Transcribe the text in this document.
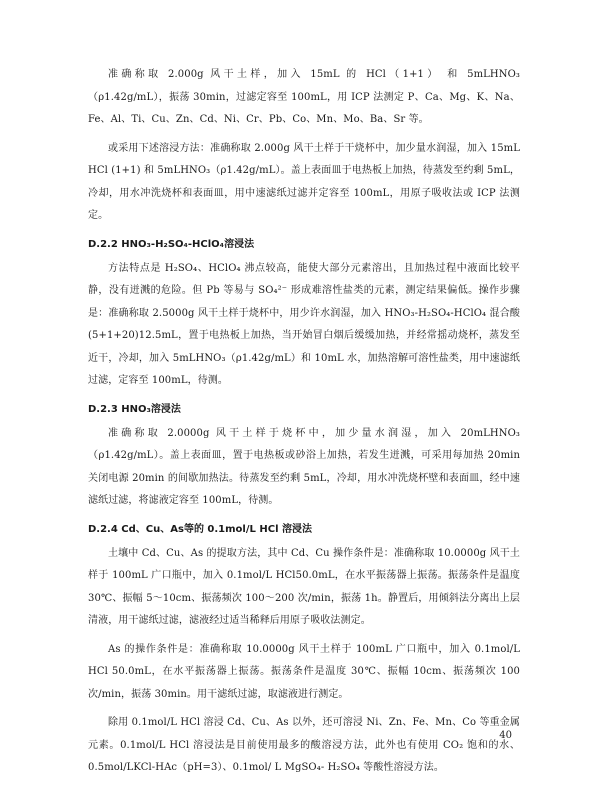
准确称取 2.000g 风干土样，加入 15mL 的 HCl（1+1） 和 5mLHNO₃（ρ1.42g/mL），振荡 30min，过滤定容至 100mL，用 ICP 法测定 P、Ca、Mg、K、Na、Fe、Al、Ti、Cu、Zn、Cd、Ni、Cr、Pb、Co、Mn、Mo、Ba、Sr 等。

或采用下述溶浸方法：准确称取 2.000g 风干土样于干烧杯中，加少量水润湿，加入 15mL HCl (1+1) 和 5mLHNO₃（ρ1.42g/mL）。盖上表面皿于电热板上加热，待蒸发至约剩 5mL，冷却，用水冲洗烧杯和表面皿，用中速滤纸过滤并定容至 100mL，用原子吸收法或 ICP 法测定。

D.2.2 HNO₃-H₂SO₄-HClO₄溶浸法

方法特点是 H₂SO₄、HClO₄ 沸点较高，能使大部分元素溶出，且加热过程中液面比较平静，没有迸溅的危险。但 Pb 等易与 SO₄²⁻ 形成难溶性盐类的元素，测定结果偏低。操作步骤是：准确称取 2.5000g 风干土样于烧杯中，用少许水润湿，加入 HNO₃-H₂SO₄-HClO₄ 混合酸(5+1+20)12.5mL，置于电热板上加热，当开始冒白烟后缓缓加热，并经常摇动烧杯，蒸发至近干，冷却，加入 5mLHNO₃（ρ1.42g/mL）和 10mL 水，加热溶解可溶性盐类，用中速滤纸过滤，定容至 100mL，待测。

D.2.3 HNO₃溶浸法

准确称取 2.0000g 风干土样于烧杯中，加少量水润湿，加入 20mLHNO₃（ρ1.42g/mL）。盖上表面皿，置于电热板或砂浴上加热，若发生迸溅，可采用每加热 20min 关闭电源 20min 的间歇加热法。待蒸发至约剩 5mL，冷却，用水冲洗烧杯壁和表面皿，经中速滤纸过滤，将滤液定容至 100mL，待测。

D.2.4 Cd、Cu、As等的 0.1mol/L HCl 溶浸法

土壤中 Cd、Cu、As 的提取方法，其中 Cd、Cu 操作条件是：准确称取 10.0000g 风干土样于 100mL 广口瓶中，加入 0.1mol/L HCl50.0mL，在水平振荡器上振荡。振荡条件是温度 30℃、振幅 5～10cm、振荡频次 100～200 次/min，振荡 1h。静置后，用倾斜法分离出上层清液，用干滤纸过滤，滤液经过适当稀释后用原子吸收法测定。

As 的操作条件是：准确称取 10.0000g 风干土样于 100mL 广口瓶中，加入 0.1mol/L HCl 50.0mL，在水平振荡器上振荡。振荡条件是温度 30℃、振幅 10cm、振荡频次 100 次/min，振荡 30min。用干滤纸过滤，取滤液进行测定。

除用 0.1mol/L HCl 溶浸 Cd、Cu、As 以外，还可溶浸 Ni、Zn、Fe、Mn、Co 等重金属元素。0.1mol/L HCl 溶浸法是目前使用最多的酸溶浸方法，此外也有使用 CO₂ 饱和的水、0.5mol/LKCl-HAc（pH=3）、0.1mol/ L MgSO₄- H₂SO₄ 等酸性溶浸方法。

40
